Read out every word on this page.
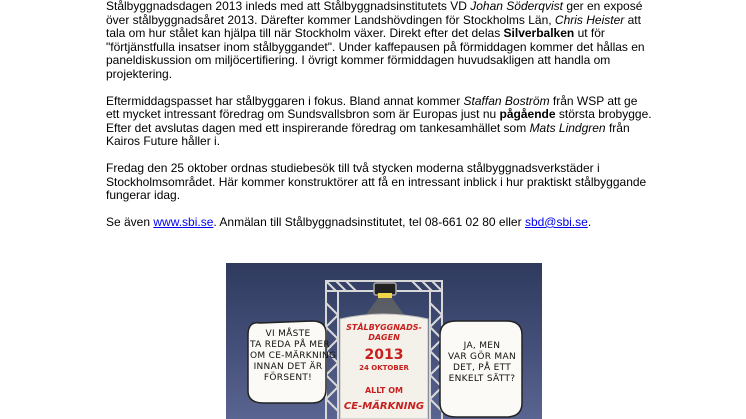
Stålbyggnadsdagen 2013 inleds med att Stålbyggnadsinstitutets VD Johan Söderqvist ger en exposé
över stålbyggnadsåret 2013. Därefter kommer Landshövdingen för Stockholms Län, Chris Heister att
tala om hur stålet kan hjälpa till när Stockholm växer. Direkt efter det delas Silverbalken ut för
"förtjänstfulla insatser inom stålbyggandet". Under kaffepausen på förmiddagen kommer det hållas en
paneldiskussion om miljöcertifiering. I övrigt kommer förmiddagen huvudsakligen att handla om
projektering.

Eftermiddagspasset har stålbyggaren i fokus. Bland annat kommer Staffan Boström från WSP att ge
ett mycket intressant föredrag om Sundsvallsbron som är Europas just nu pågående största brobygge.
Efter det avslutas dagen med ett inspirerande föredrag om tankesamhället som Mats Lindgren från
Kairos Future håller i.

Fredag den 25 oktober ordnas studiebesök till två stycken moderna stålbyggnadsverkstäder i
Stockholmsområdet. Här kommer konstruktörer att få en intressant inblick i hur praktiskt stålbyggande
fungerar idag.

Se även www.sbi.se. Anmälan till Stålbyggnadsinstitutet, tel 08-661 02 80 eller sbd@sbi.se.

VI MÅSTE
TA REDA PÅ MER
OM CE-MÄRKNING
INNAN DET ÄR
FÖRSENT!
JA, MEN
VAR GÖR MAN
DET, PÅ ETT
ENKELT SÄTT?
STÅLBYGGNADS-
DAGEN
2013
24 OKTOBER
ALLT OM
CE-MÄRKNING
